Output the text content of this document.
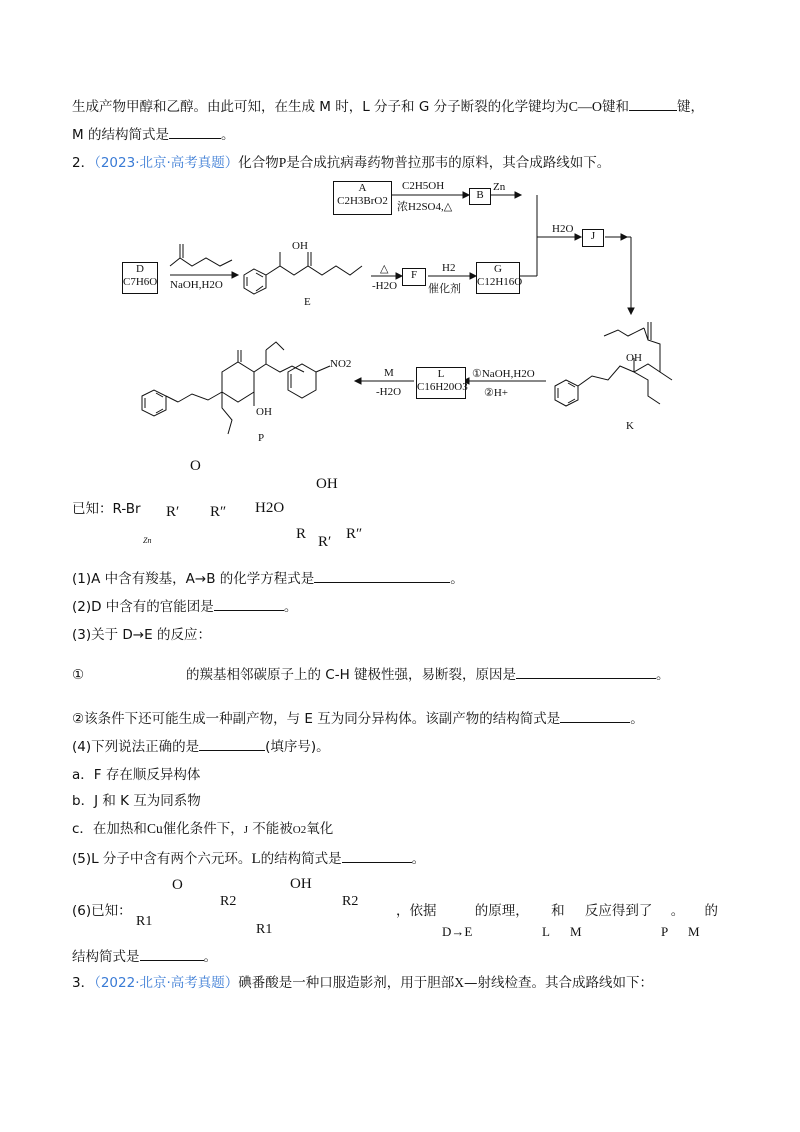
生成产物甲醇和乙醇。由此可知，在生成 M 时，L 分子和 G 分子断裂的化学键均为C—O键和	键，
M 的结构简式是	。
2．（2023·北京·高考真题）化合物P是合成抗病毒药物普拉那韦的原料，其合成路线如下。
A
C2H3BrO2
C2H5OH
浓H2SO4,△
B
Zn
D
C7H6O NaOH,H2O
OH
E
△
-H2O
F
H2
催化剂
G
C12H16O
H2O
J
OH
K
①NaOH,H2O
②H+
L
C16H20O3
M
-H2O
NO2
OH
P
已知：R-Br
Zn
O
R′ R″ H2O
OH
R R′ R″
(1)A 中含有羧基，A→B 的化学方程式是	。
(2)D 中含有的官能团是	。
(3)关于 D→E 的反应：
①	的羰基相邻碳原子上的 C-H 键极性强，易断裂，原因是	。
②该条件下还可能生成一种副产物，与 E 互为同分异构体。该副产物的结构简式是	。
(4)下列说法正确的是	(填序号)。
a．F 存在顺反异构体
b．J 和 K 互为同系物
c．在加热和Cu催化条件下，J 不能被O2氧化
(5)L 分子中含有两个六元环。L的结构简式是	。
(6)已知：
O
R1
R2
R1
OH
R2
，依据	的原理， 和 反应得到了 。 的
D→E	L M	P M
结构简式是	。
3．（2022·北京·高考真题）碘番酸是一种口服造影剂，用于胆部X—射线检查。其合成路线如下：
